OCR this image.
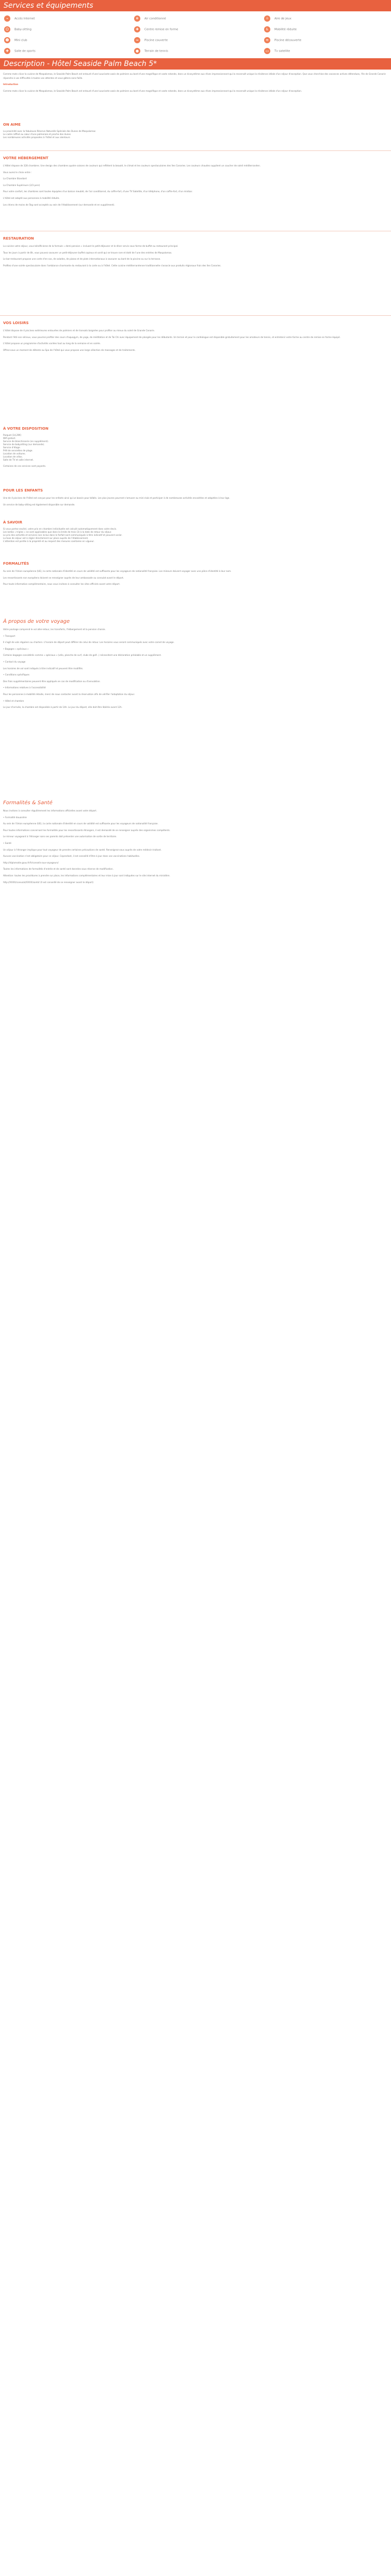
Services et équipements
⌁ Accès Internet	❄ Air conditionné	☼ Aire de jeux
☺ Baby-sitting	✚ Centre remise en forme	♿ Mobilité réduite
☻ Mini club	≈ Piscine couverte	≋ Piscine découverte
✚ Salle de sports	● Terrain de tennis	▭ Tv satellite
Description - Hôtel Seaside Palm Beach 5*

Comme mots clicar la cuisine de Maspalomas, le Seaside Palm Beach est entouré d'une luxuriante oasis de palmiers au bord d'une magnifique et vaste rotonde, dans un écosystème aux rêves impressionnant qui la reconnaît unique la résidence idéale d'un séjour d'exception. Que vous cherchiez des vacances actives détendues, l'île de Grande Canarie répondra à vos difficultés à toutes vos attentes et vous gâtera sans faille.

Introduction

Comme mots clicar la cuisine de Maspalomas, le Seaside Palm Beach est entouré d'une luxuriante oasis de palmiers au bord d'une magnifique et vaste rotonde, dans un écosystème aux rêves impressionnant qui la reconnaît unique la résidence idéale d'un séjour d'exception.

ON AIME
La proximité avec la fabuleuse Réserve Naturelle Spéciale des Dunes de Maspalomas
Le cadre raffiné au cœur d'une palmeraie et proche des dunes
Les nombreuses activités proposées à l'hôtel et aux alentours
VOTRE HÉBERGEMENT

L'Hôtel dispose de 328 chambres. Une design des chambres quatre saisons de couleurs qui reflètent la beauté, le climat et les couleurs spectaculaires des îles Canaries. Les couleurs chaudes supplient un coucher de soleil méditerranéen.

Vous aurez le choix entre :

La Chambre Standard

La Chambre Supérieure (2/3 pers)

Pour votre confort, les chambres sont toutes équipées d'un balcon meublé, de l'air conditionné, du coffre-fort, d'une TV Satellite, d'un téléphone, d'un coffre-fort, d'un minibar.

L'hôtel est adapté aux personnes à mobilité réduite.

Les chiens de moins de 5kg sont acceptés au sein de l'établissement (sur demande et en supplément).

RESTAURATION

La cuisine votre séjour, vous bénéficierez de la formule « demi-pension » incluant le petit-déjeuner et le dîner servis sous forme de buffet au restaurant principal.

Tous les jours à partir de 8h, vous pouvez savourer un petit-déjeuner buffet copieux et varié qui se trouve rare et doté de l'une des entrées de Maspalomas.

Le bar-restaurant propose une carte d'en-cas, de salades, de pizzas et de plats internationaux à savourer au bord de la piscine ou sur la terrasse.

Profitez d'une soirée spectaculaire dans l'ambiance charmante du restaurant à la carte ou à l'hôtel. Cette cuisine méditerranéenne traditionnelle s'associe aux produits régionaux frais des îles Canaries.

VOS LOISIRS

L'hôtel dispose de 4 piscines extérieures entourées de palmiers et de transats baignées pour profiter au mieux du soleil de Grande Canarie.

Pendant l'été son sérieux, vous pourrez profiter des cours d'aquagym, de yoga, de méditation et de Tai Chi avec équipement de plongée pour les débutants. Un terrain et pour le cardiologue est disponible gratuitement pour les amateurs de tennis, et entretenir votre forme au centre de remise en forme équipé.

L'hôtel propose un programme d'activités variées tout au long de la semaine et en soirée.

Offrez-vous un moment de détente au Spa de l'hôtel qui vous propose une large sélection de massages et de traitements.

À VOTRE DISPOSITION
Parquet (14,29€)
Wifi gratuit.
Service de blanchisserie (en supplément).
Service de babysitting (sur demande).
Service d'étage.
Prêt de serviettes de plage.
Location de voitures.
Location de vélos.
Salle de TV et salle internet.
Certaines de ces services sont payants.
POUR LES ENFANTS

Une de 4 piscines de l'hôtel est conçue pour les enfants ainsi qu'un bassin pour bébés. Les plus jeunes pourront s'amuser au mini-club et participer à de nombreuses activités encadrées et adaptées à leur âge.

Un service de baby-sitting est également disponible sur demande.

À SAVOIR
Si vous partez seul(e), votre prix en chambre individuelle est calculé automatiquement dans votre devis.
Les lambs « triples » ne sont applicables que dans la limite de trois (3) à la date de retour du séjour.
Le prix des activités et services non inclus dans le forfait sont communiqués à titre indicatif et peuvent varier.
La taxe de séjour est à régler directement sur place auprès de l'établissement.
L'attention est portée à la propreté et au respect des mesures sanitaires en vigueur.
FORMALITÉS

Au sein de l'Union européenne (UE), la carte nationale d'identité en cours de validité est suffisante pour les voyageurs de nationalité française. Les mineurs doivent voyager avec une pièce d'identité à leur nom.

Les ressortissants non européens doivent se renseigner auprès de leur ambassade ou consulat avant le départ.

Pour toute information complémentaire, nous vous invitons à consulter les sites officiels avant votre départ.

À propos de votre voyage

Votre package comprend le vol aller-retour, les transferts, l'hébergement et la pension choisie.

• Transport

Il s'agit de vols réguliers ou charters. L'horaire de départ peut différer de celui de retour. Les horaires vous seront communiqués avec votre carnet de voyage.

• Bagages « spéciaux »

Certains bagages considérés comme « spéciaux » (vélo, planche de surf, clubs de golf...) nécessitent une déclaration préalable et un supplément.

• Contact du voyage

Les horaires de vol sont indiqués à titre indicatif et peuvent être modifiés.

• Conditions spécifiques

Des frais supplémentaires peuvent être appliqués en cas de modification ou d'annulation.

• Informations relatives à l'accessibilité

Pour les personnes à mobilité réduite, merci de nous contacter avant la réservation afin de vérifier l'adaptation du séjour.

• Hôtel et chambre

Le jour d'arrivée, la chambre est disponible à partir de 14h. Le jour du départ, elle doit être libérée avant 12h.

Formalités & Santé

Nous invitons à consulter régulièrement les informations officielles avant votre départ.

• Formalité douanière

Au sein de l'Union européenne (UE), la carte nationale d'identité en cours de validité est suffisante pour les voyageurs de nationalité française.

Pour toutes informations concernant les formalités pour les ressortissants étrangers, il est demandé de se renseigner auprès des organismes compétents.

Le mineur voyageant à l'étranger sans ses parents doit présenter une autorisation de sortie de territoire.

• Santé

Un séjour à l'étranger implique pour tout voyageur de prendre certaines précautions de santé. Renseignez-vous auprès de votre médecin traitant.

Aucune vaccination n'est obligatoire pour ce séjour. Cependant, il est conseillé d'être à jour dans vos vaccinations habituelles.

http://diplomatie.gouv.fr/fr/conseils-aux-voyageurs/

Toutes les informations de formalités d'entrée et de santé sont données sous réserve de modification.

Attention: toutes les procédures à prendre sur place, les informations complémentaires et leur mise à jour sont indiquées sur le site internet du ministère.

http://XXXX/consulat/XXXX/santé/ (Il est conseillé de se renseigner avant le départ)
